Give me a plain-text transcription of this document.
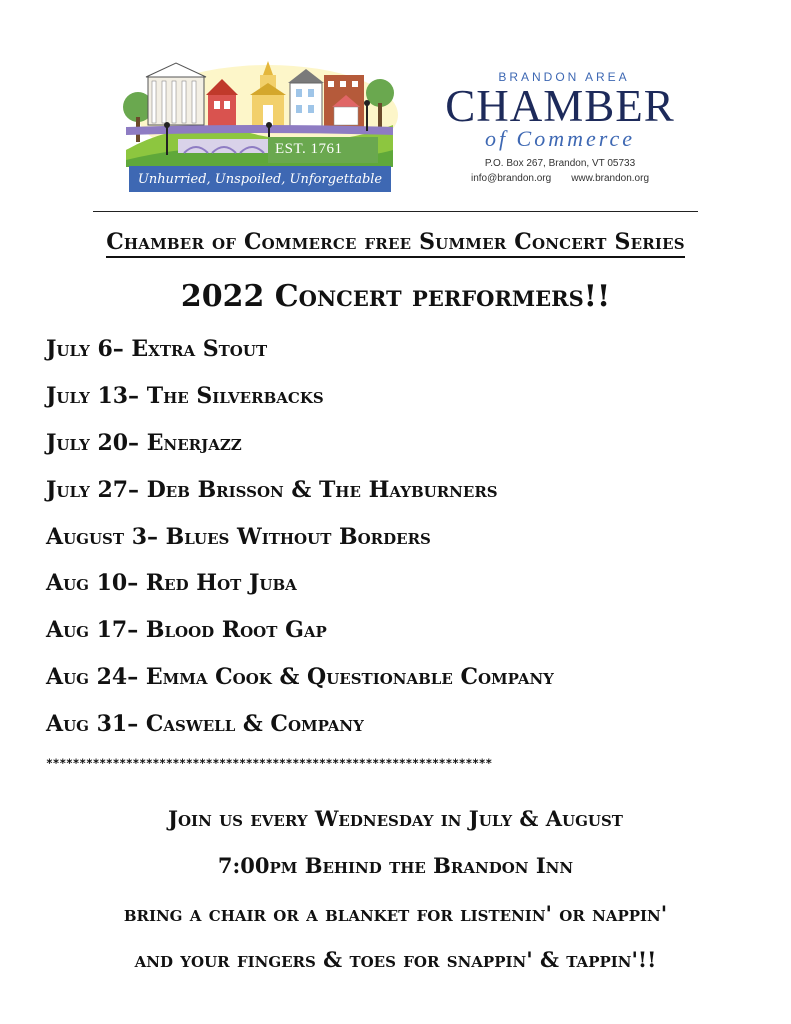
EST. 1761
Unhurried, Unspoiled, Unforgettable
BRANDON AREA
CHAMBER
of Commerce
P.O. Box 267, Brandon, VT 05733
info@brandon.org www.brandon.org
Chamber of Commerce free Summer Concert Series
2022 Concert performers!!
July 6– Extra Stout
July 13– The Silverbacks
July 20– Enerjazz
July 27– Deb Brisson & The Hayburners
August 3– Blues Without Borders
Aug 10– Red Hot Juba
Aug 17– Blood Root Gap
Aug 24– Emma Cook & Questionable Company
Aug 31– Caswell & Company
*******************************************************************
Join us every Wednesday in July & August
7:00pm Behind the Brandon Inn
bring a chair or a blanket for listenin' or nappin'
and your fingers & toes for snappin' & tappin'!!
